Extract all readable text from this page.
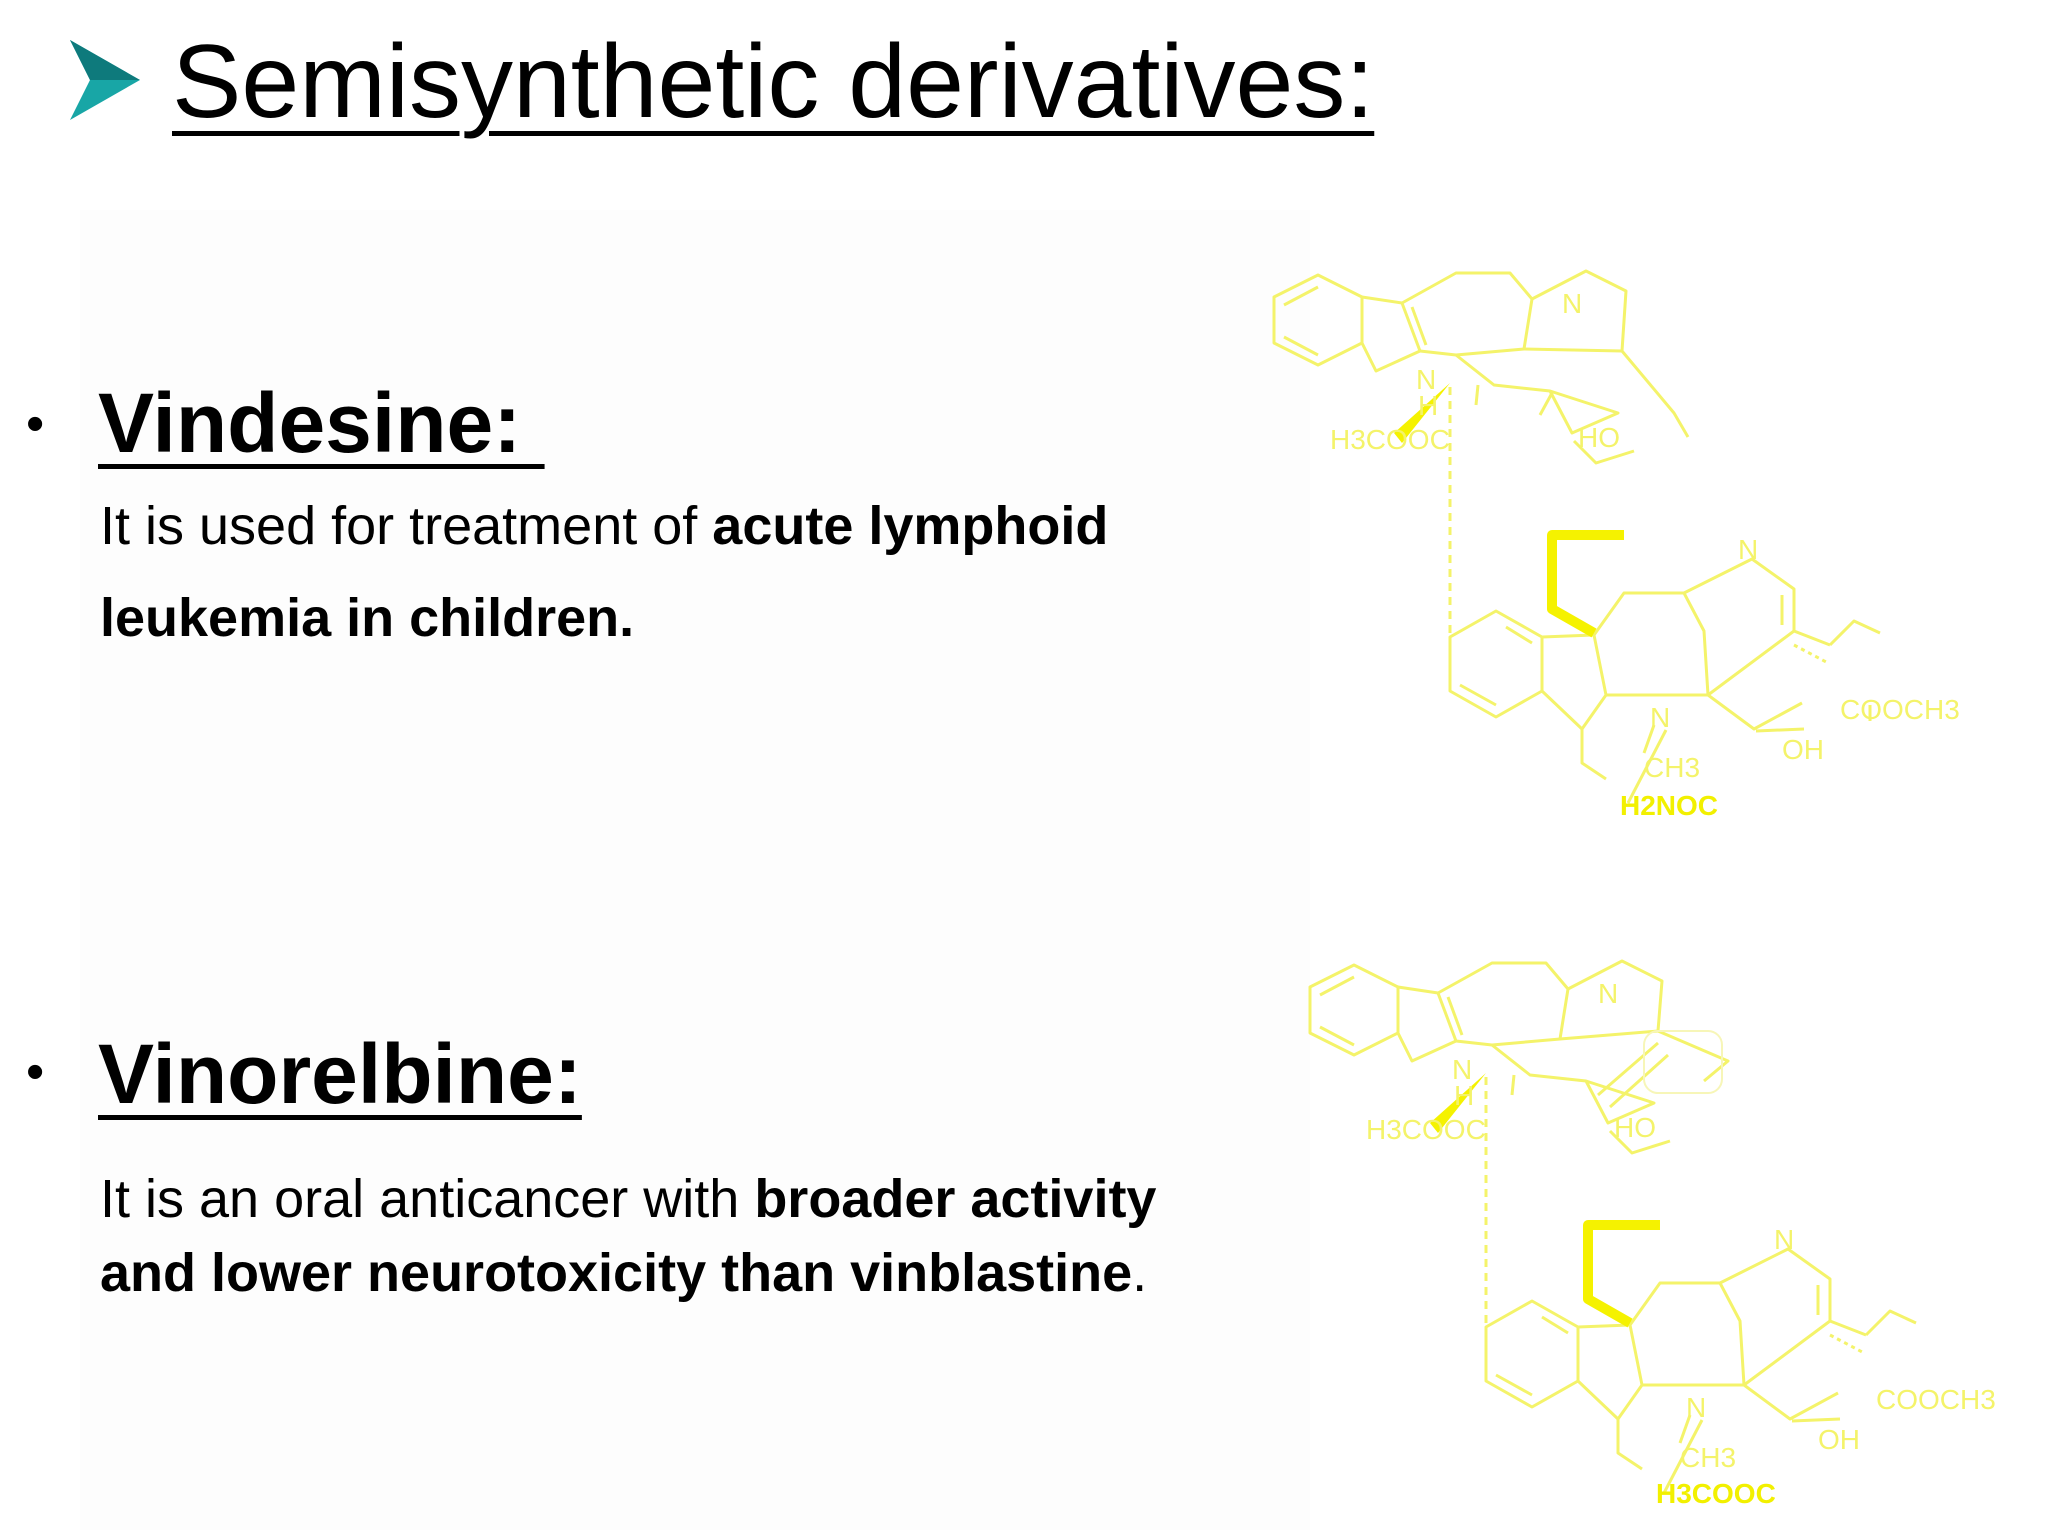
Semisynthetic derivatives:
• Vindesine:

It is used for treatment of acute lymphoid leukemia in children.

• Vinorelbine:

It is an oral anticancer with broader activity and lower neurotoxicity than vinblastine.

N
N
H
H3COOC	HO
N
N
CH3
COOCH3
OH
H2NOC
N
N
H
H3COOC	HO
N
N
CH3
COOCH3
OH
H3COOC
